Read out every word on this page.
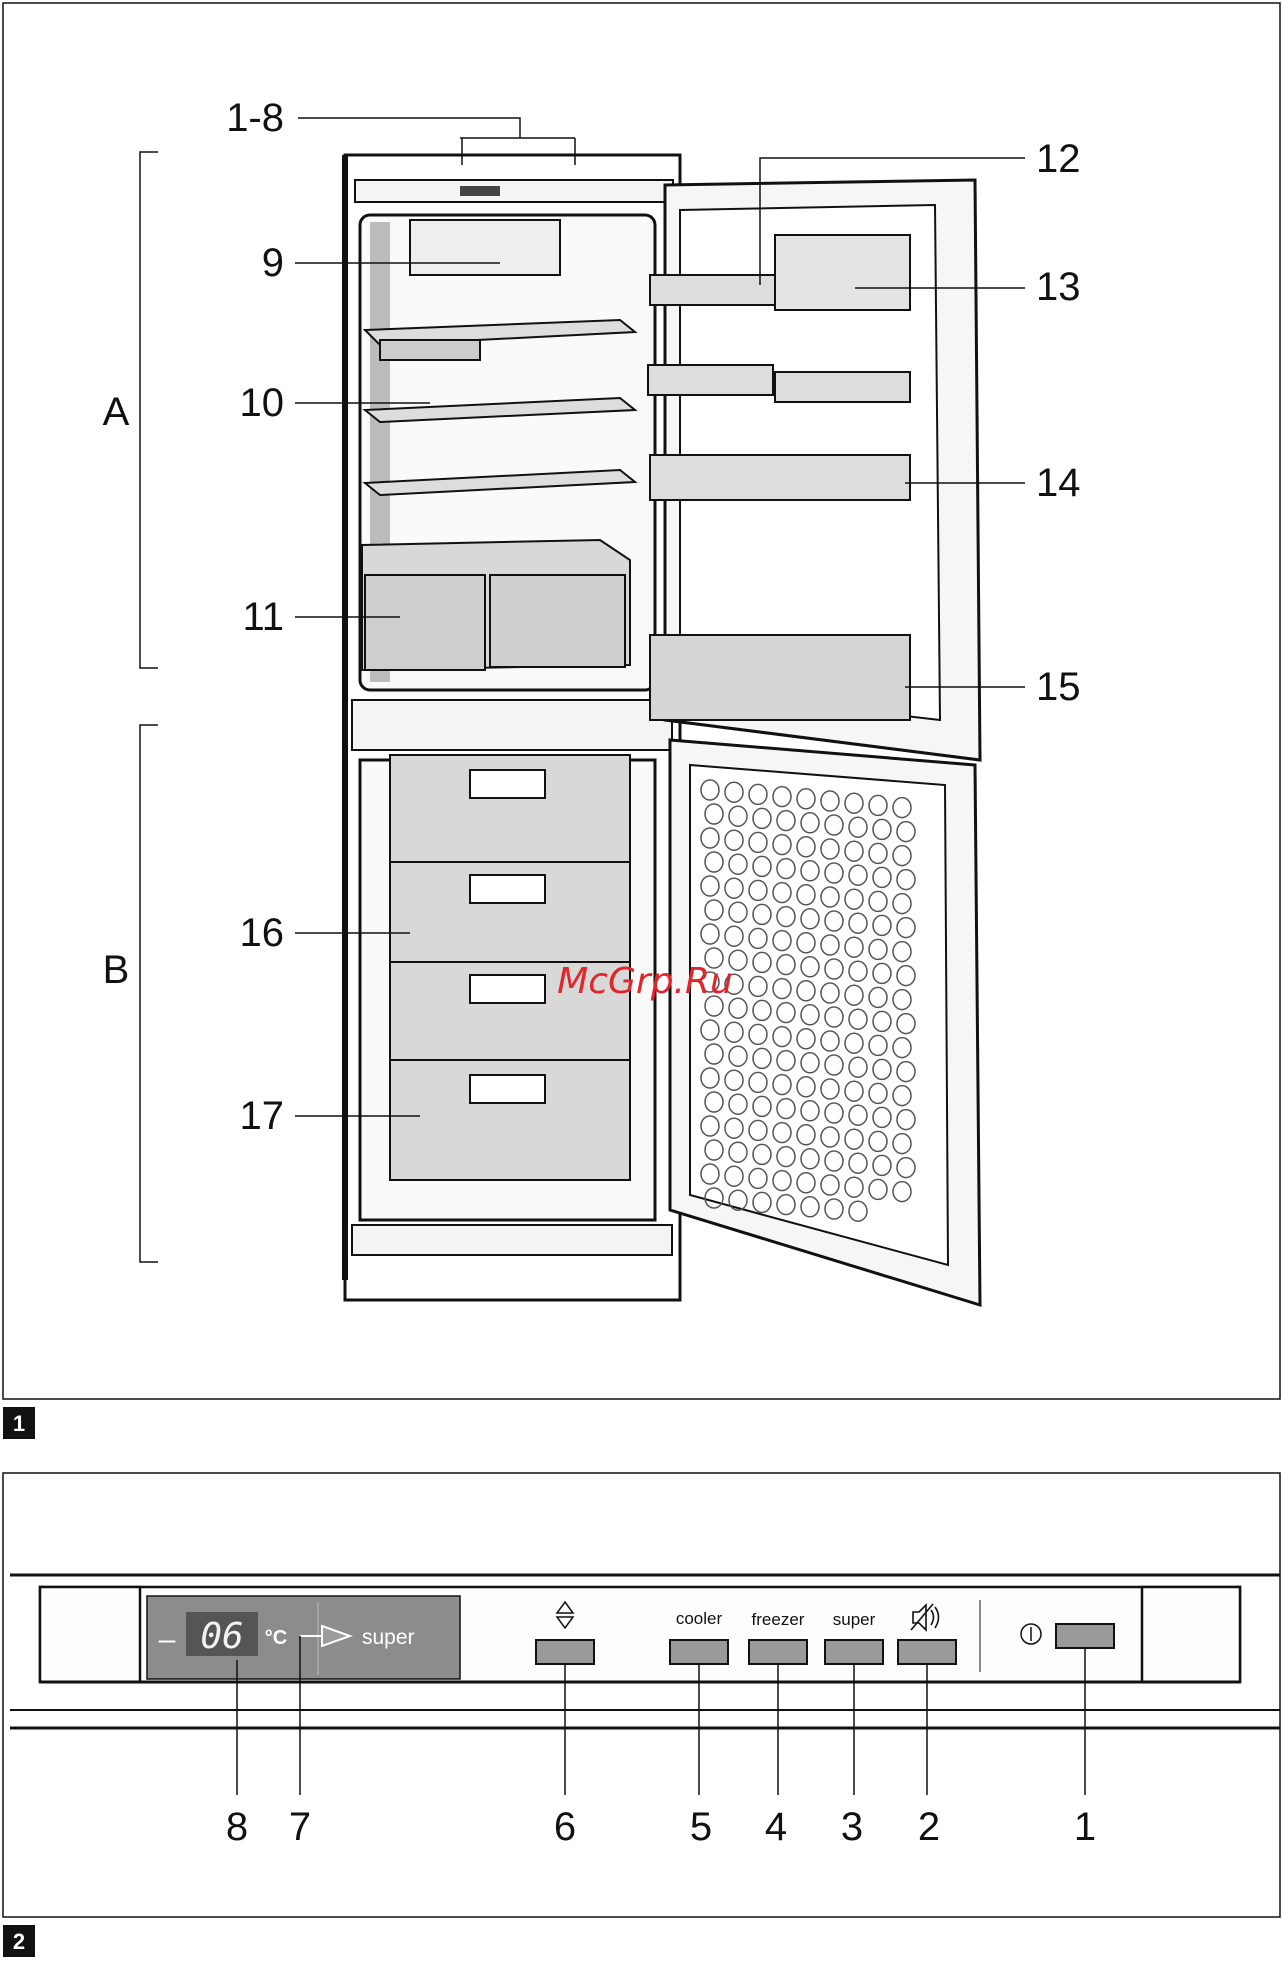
A
B
1-8
9
10
11
16
17
12
13
14
15
McGrp.Ru
1
– 06 °C	super
cooler freezer super
8 7	6	5 4 3 2	1
2
